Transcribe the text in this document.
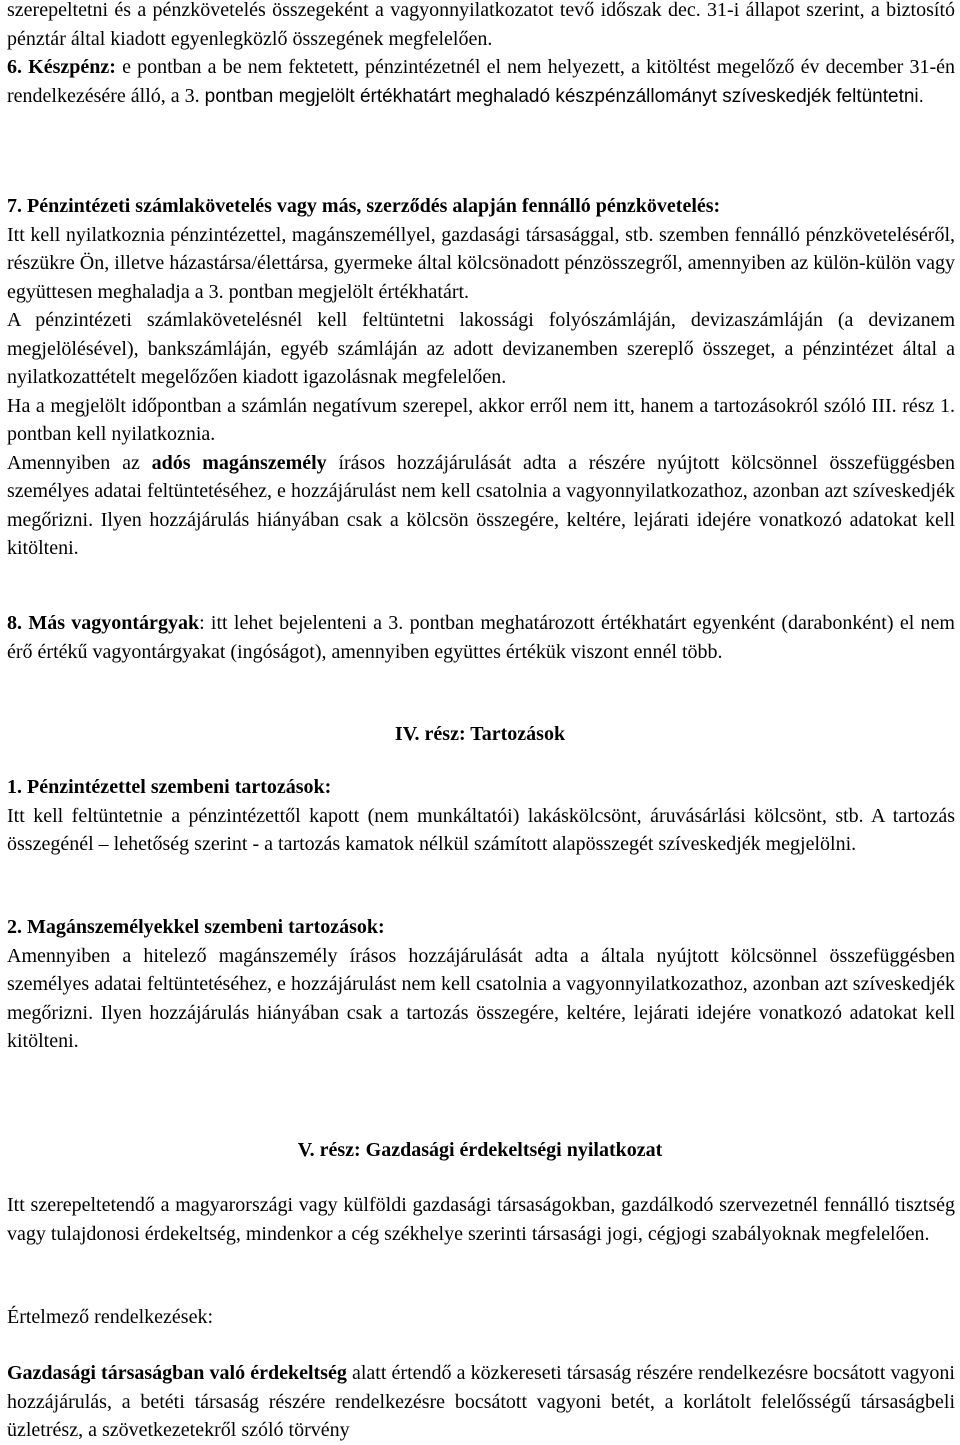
szerepeltetni és a pénzkövetelés összegeként a vagyonnyilatkozatot tevő időszak dec. 31-i állapot szerint, a biztosító pénztár által kiadott egyenlegközlő összegének megfelelően.

6. Készpénz: e pontban a be nem fektetett, pénzintézetnél el nem helyezett, a kitöltést megelőző év december 31-én rendelkezésére álló, a 3. pontban megjelölt értékhatárt meghaladó készpénzállományt szíveskedjék feltüntetni.

7. Pénzintézeti számlakövetelés vagy más, szerződés alapján fennálló pénzkövetelés:
Itt kell nyilatkoznia pénzintézettel, magánszeméllyel, gazdasági társasággal, stb. szemben fennálló pénzköveteléséről, részükre Ön, illetve házastársa/élettársa, gyermeke által kölcsönadott pénzösszegről, amennyiben az külön-külön vagy együttesen meghaladja a 3. pontban megjelölt értékhatárt.
A pénzintézeti számlakövetelésnél kell feltüntetni lakossági folyószámláján, devizaszámláján (a devizanem megjelölésével), bankszámláján, egyéb számláján az adott devizanemben szereplő összeget, a pénzintézet által a nyilatkozattételt megelőzően kiadott igazolásnak megfelelően.
Ha a megjelölt időpontban a számlán negatívum szerepel, akkor erről nem itt, hanem a tartozásokról szóló III. rész 1. pontban kell nyilatkoznia.
Amennyiben az adós magánszemély írásos hozzájárulását adta a részére nyújtott kölcsönnel összefüggésben személyes adatai feltüntetéséhez, e hozzájárulást nem kell csatolnia a vagyonnyilatkozathoz, azonban azt szíveskedjék megőrizni. Ilyen hozzájárulás hiányában csak a kölcsön összegére, keltére, lejárati idejére vonatkozó adatokat kell kitölteni.

8. Más vagyontárgyak: itt lehet bejelenteni a 3. pontban meghatározott értékhatárt egyenként (darabonként) el nem érő értékű vagyontárgyakat (ingóságot), amennyiben együttes értékük viszont ennél több.

IV. rész: Tartozások

1. Pénzintézettel szembeni tartozások:
Itt kell feltüntetnie a pénzintézettől kapott (nem munkáltatói) lakáskölcsönt, áruvásárlási kölcsönt, stb. A tartozás összegénél – lehetőség szerint - a tartozás kamatok nélkül számított alapösszegét szíveskedjék megjelölni.

2. Magánszemélyekkel szembeni tartozások:
Amennyiben a hitelező magánszemély írásos hozzájárulását adta a általa nyújtott kölcsönnel összefüggésben személyes adatai feltüntetéséhez, e hozzájárulást nem kell csatolnia a vagyonnyilatkozathoz, azonban azt szíveskedjék megőrizni. Ilyen hozzájárulás hiányában csak a tartozás összegére, keltére, lejárati idejére vonatkozó adatokat kell kitölteni.

V. rész: Gazdasági érdekeltségi nyilatkozat

Itt szerepeltetendő a magyarországi vagy külföldi gazdasági társaságokban, gazdálkodó szervezetnél fennálló tisztség vagy tulajdonosi érdekeltség, mindenkor a cég székhelye szerinti társasági jogi, cégjogi szabályoknak megfelelően.

Értelmező rendelkezések:

Gazdasági társaságban való érdekeltség alatt értendő a közkereseti társaság részére rendelkezésre bocsátott vagyoni hozzájárulás, a betéti társaság részére rendelkezésre bocsátott vagyoni betét, a korlátolt felelősségű társaságbeli üzletrész, a szövetkezetekről szóló törvény
